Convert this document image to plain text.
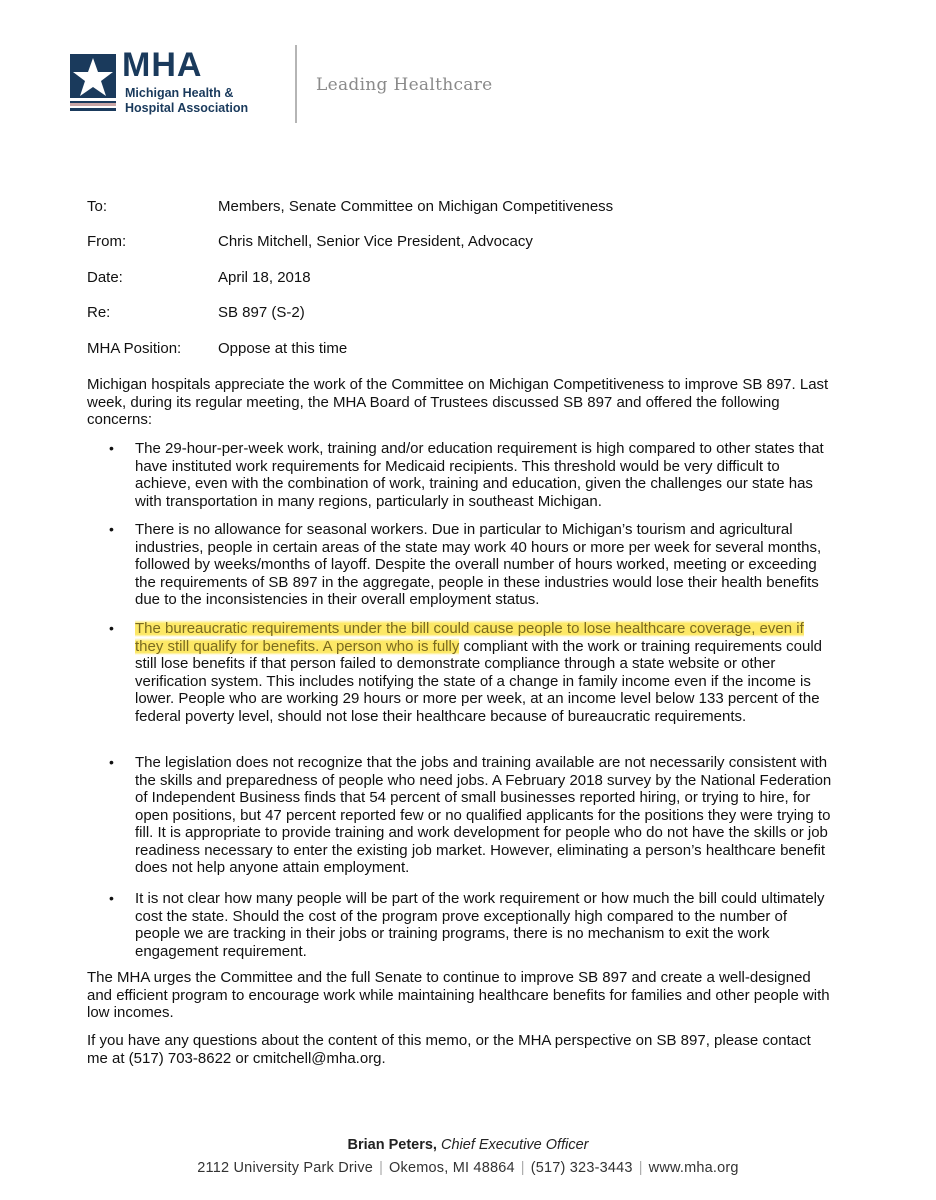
MHA
Michigan Health &
Hospital Association
Leading Healthcare
To:	Members, Senate Committee on Michigan Competitiveness
From:	Chris Mitchell, Senior Vice President, Advocacy
Date:	April 18, 2018
Re:	SB 897 (S-2)
MHA Position: Oppose at this time

Michigan hospitals appreciate the work of the Committee on Michigan Competitiveness to improve SB 897. Last week, during its regular meeting, the MHA Board of Trustees discussed SB 897 and offered the following concerns:

• The 29-hour-per-week work, training and/or education requirement is high compared to other states that have instituted work requirements for Medicaid recipients. This threshold would be very difficult to achieve, even with the combination of work, training and education, given the challenges our state has with transportation in many regions, particularly in southeast Michigan.
• There is no allowance for seasonal workers. Due in particular to Michigan’s tourism and agricultural industries, people in certain areas of the state may work 40 hours or more per week for several months, followed by weeks/months of layoff. Despite the overall number of hours worked, meeting or exceeding the requirements of SB 897 in the aggregate, people in these industries would lose their health benefits due to the inconsistencies in their overall employment status.
• The bureaucratic requirements under the bill could cause people to lose healthcare coverage, even if they still qualify for benefits. A person who is fully compliant with the work or training requirements could still lose benefits if that person failed to demonstrate compliance through a state website or other verification system. This includes notifying the state of a change in family income even if the income is lower. People who are working 29 hours or more per week, at an income level below 133 percent of the federal poverty level, should not lose their healthcare because of bureaucratic requirements.
• The legislation does not recognize that the jobs and training available are not necessarily consistent with the skills and preparedness of people who need jobs. A February 2018 survey by the National Federation of Independent Business finds that 54 percent of small businesses reported hiring, or trying to hire, for open positions, but 47 percent reported few or no qualified applicants for the positions they were trying to fill. It is appropriate to provide training and work development for people who do not have the skills or job readiness necessary to enter the existing job market. However, eliminating a person’s healthcare benefit does not help anyone attain employment.
• It is not clear how many people will be part of the work requirement or how much the bill could ultimately cost the state. Should the cost of the program prove exceptionally high compared to the number of people we are tracking in their jobs or training programs, there is no mechanism to exit the work engagement requirement.

The MHA urges the Committee and the full Senate to continue to improve SB 897 and create a well-designed and efficient program to encourage work while maintaining healthcare benefits for families and other people with low incomes.

If you have any questions about the content of this memo, or the MHA perspective on SB 897, please contact me at (517) 703-8622 or cmitchell@mha.org.

Brian Peters, Chief Executive Officer
2112 University Park Drive | Okemos, MI 48864 | (517) 323-3443 | www.mha.org
